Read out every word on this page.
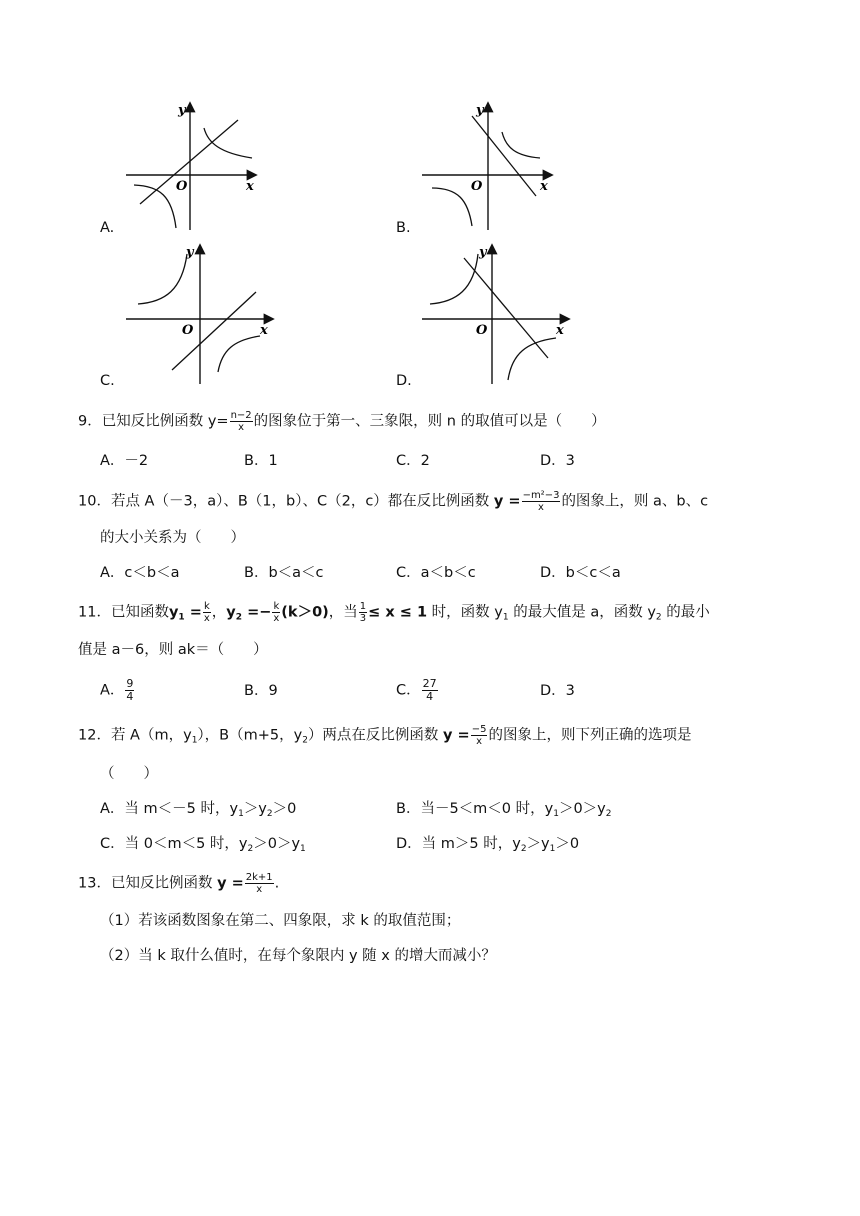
y
x
O
A.
y
x
O
B.
y
x
O
C.
y
x
O
D.
9．已知反比例函数 $y= \frac{n-2}{x}$ 的图象位于第一、三象限，则 n 的取值可以是（　　）
A．－2	B．1	C．2	D．3
10．若点 A（－3，a）、B（1，b）、C（2，c）都在反比例函数 $y = \frac{\text{−m²−3}}{x}$ 的图象上，则 a、b、c
的大小关系为（　　）
A．c＜b＜a	B．b＜a＜c	C．a＜b＜c	D．b＜c＜a
11．已知函数$y_1 = \frac{k}{x}$ ，$y_2 =- \frac{k}{x} (k>0)$，当 $\frac{1}{3} \le x \le 1$ 时，函数 $y_1$ 的最大值是 a，函数 $y_2$ 的最小
值是 a－6，则 ak＝（　　）
A． $\frac{9}{4}$	B．9	C． $\frac{27}{4}$	D．3
12．若 A（m，$y_1$），B（m+5，$y_2$）两点在反比例函数 $y = \frac{-5}{x}$ 的图象上，则下列正确的选项是
（　　）
A．当 m＜－5 时，$y_1>y_2>0$	B．当－5＜m＜0 时，$y_1>0>y_2$
C．当 0＜m＜5 时，$y_2>0>y_1$	D．当 m＞5 时，$y_2>y_1>0$
13．已知反比例函数 $y = \frac{2k+1}{x}$ .
（1）若该函数图象在第二、四象限，求 k 的取值范围；
（2）当 k 取什么值时，在每个象限内 y 随 x 的增大而减小？
